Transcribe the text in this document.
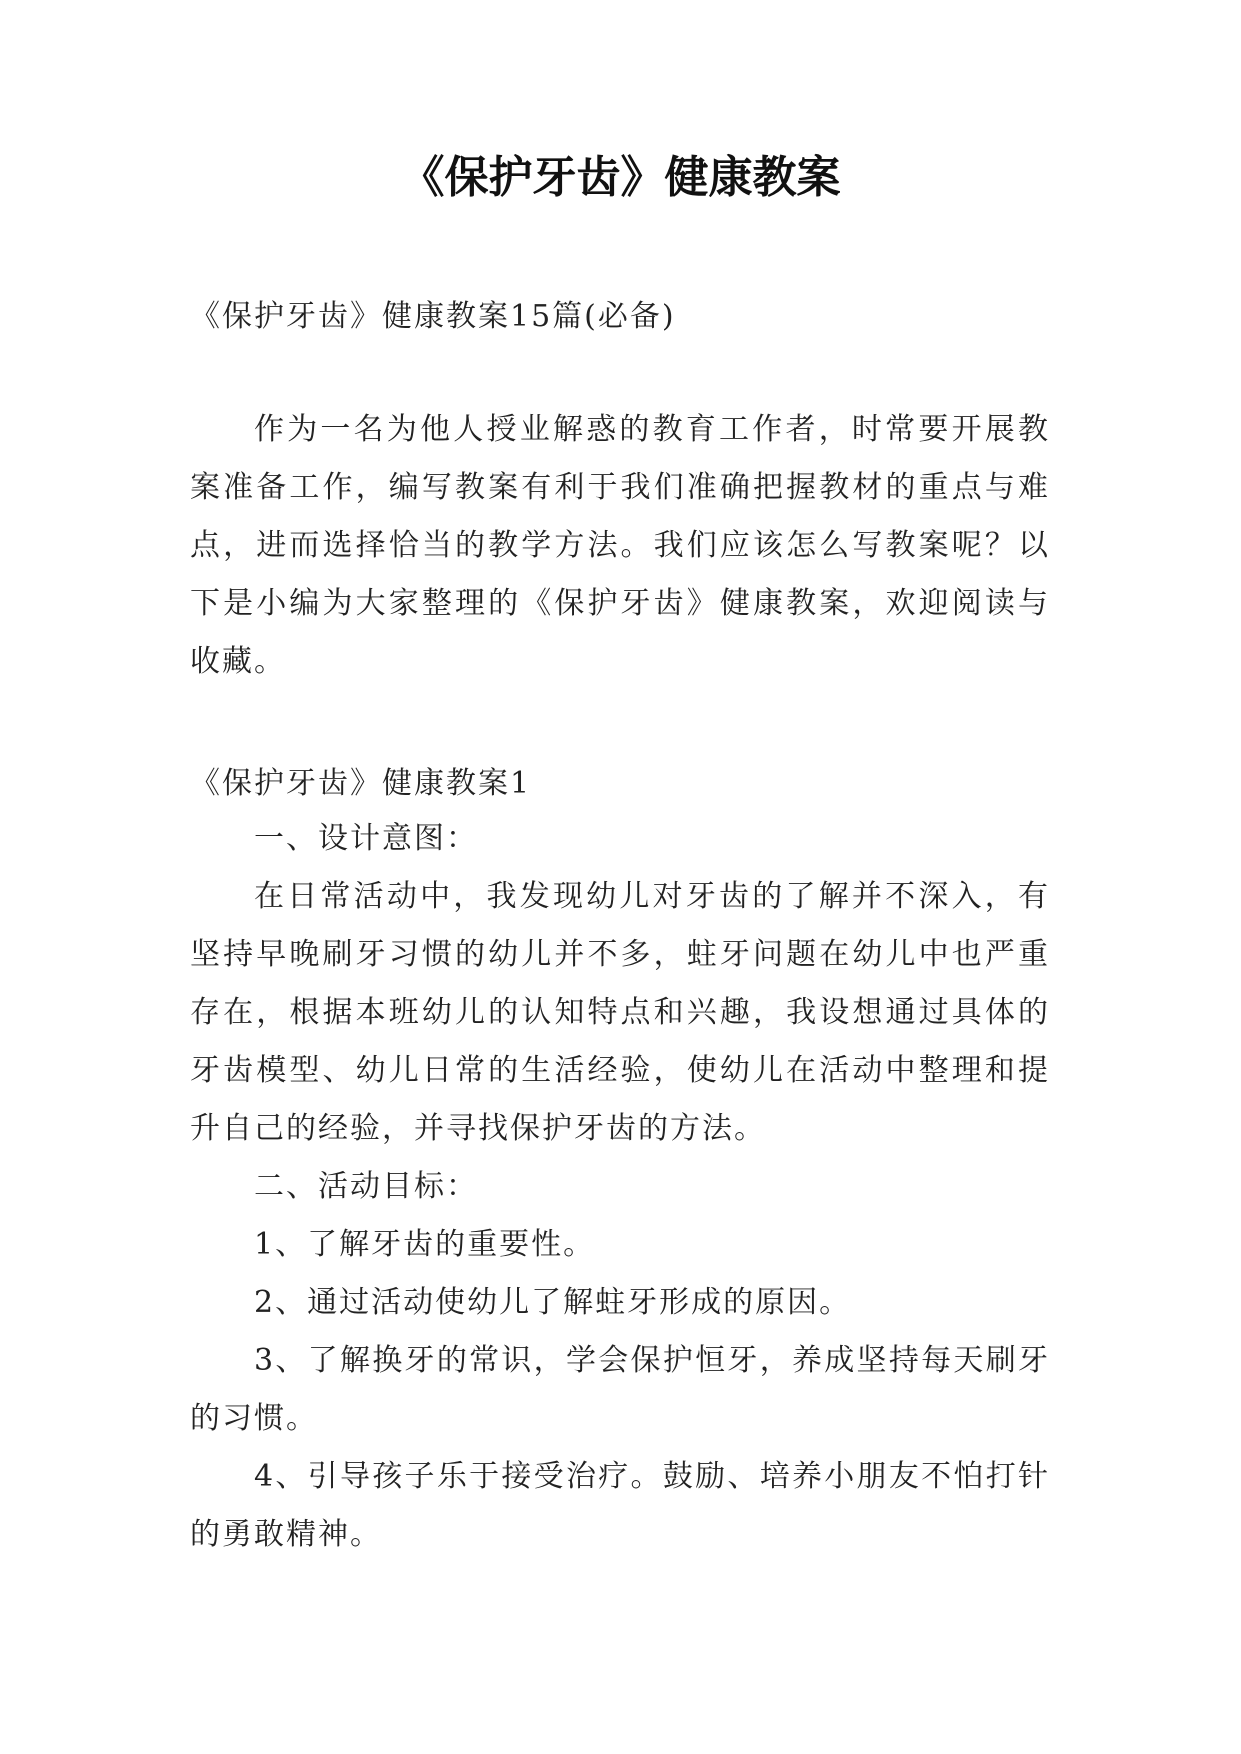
《保护牙齿》健康教案

《保护牙齿》健康教案15篇(必备)

作为一名为他人授业解惑的教育工作者，时常要开展教案准备工作，编写教案有利于我们准确把握教材的重点与难点，进而选择恰当的教学方法。我们应该怎么写教案呢？以下是小编为大家整理的《保护牙齿》健康教案，欢迎阅读与收藏。

《保护牙齿》健康教案1

一、设计意图：

在日常活动中，我发现幼儿对牙齿的了解并不深入，有坚持早晚刷牙习惯的幼儿并不多，蛀牙问题在幼儿中也严重存在，根据本班幼儿的认知特点和兴趣，我设想通过具体的牙齿模型、幼儿日常的生活经验，使幼儿在活动中整理和提升自己的经验，并寻找保护牙齿的方法。

二、活动目标：

1、了解牙齿的重要性。

2、通过活动使幼儿了解蛀牙形成的原因。

3、了解换牙的常识，学会保护恒牙，养成坚持每天刷牙的习惯。

4、引导孩子乐于接受治疗。鼓励、培养小朋友不怕打针的勇敢精神。
